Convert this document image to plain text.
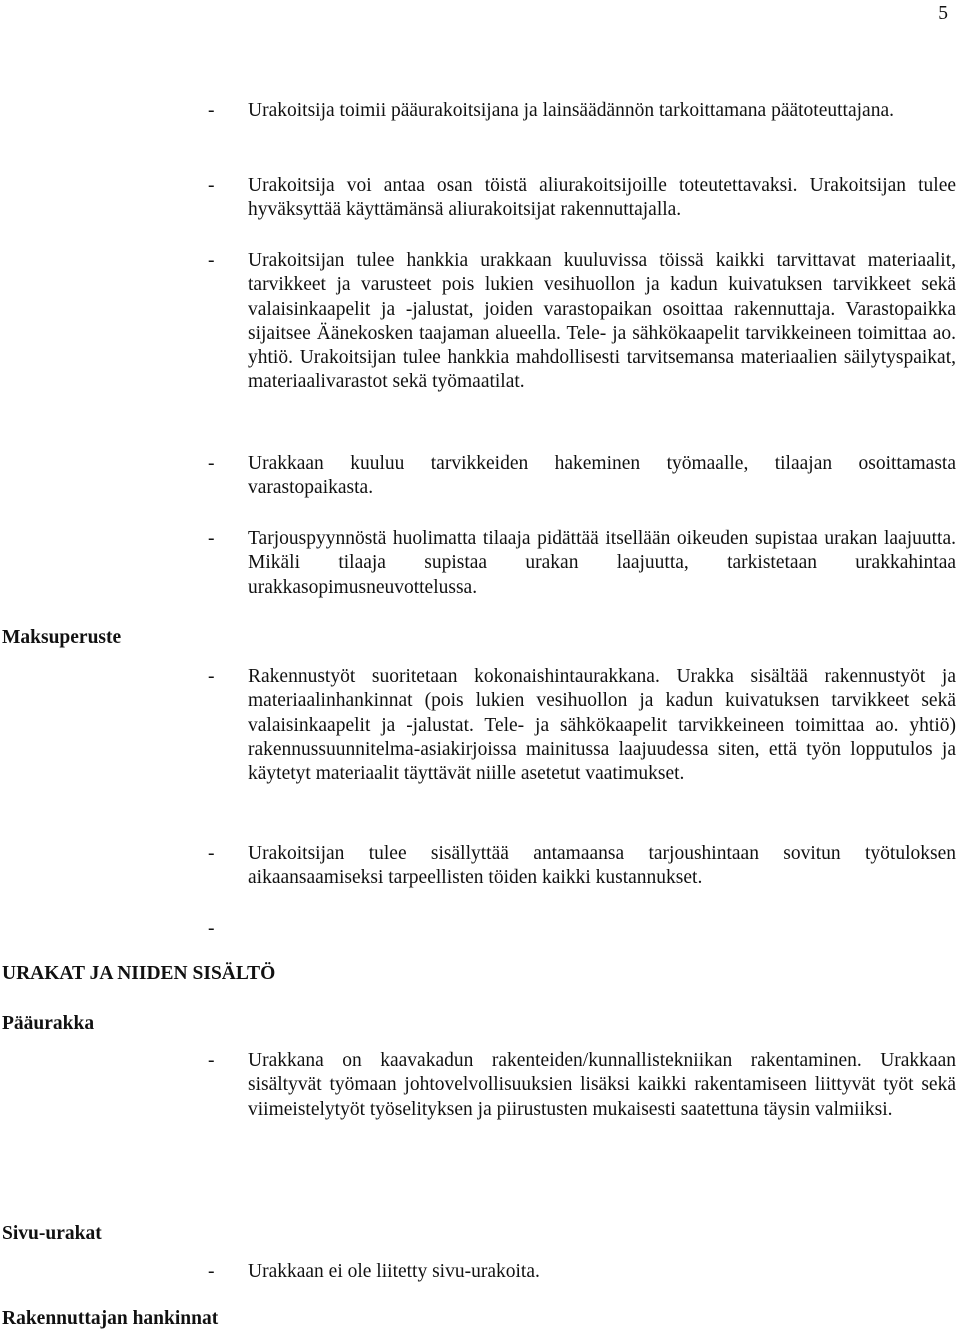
5
- Urakoitsija toimii pääurakoitsijana ja lainsäädännön tarkoittamana päätoteuttajana.
- Urakoitsija voi antaa osan töistä aliurakoitsijoille toteutettavaksi. Urakoitsijan tulee hyväksyttää käyttämänsä aliurakoitsijat rakennuttajalla.
- Urakoitsijan tulee hankkia urakkaan kuuluvissa töissä kaikki tarvittavat materiaalit, tarvikkeet ja varusteet pois lukien vesihuollon ja kadun kuivatuksen tarvikkeet sekä valaisinkaapelit ja -jalustat, joiden varastopaikan osoittaa rakennuttaja. Varastopaikka sijaitsee Äänekosken taajaman alueella. Tele- ja sähkökaapelit tarvikkeineen toimittaa ao. yhtiö. Urakoitsijan tulee hankkia mahdollisesti tarvitsemansa materiaalien säilytyspaikat, materiaalivarastot sekä työmaatilat.
- Urakkaan kuuluu tarvikkeiden hakeminen työmaalle, tilaajan osoittamasta varastopaikasta.
- Tarjouspyynnöstä huolimatta tilaaja pidättää itsellään oikeuden supistaa urakan laajuutta. Mikäli tilaaja supistaa urakan laajuutta, tarkistetaan urakkahintaa urakkasopimusneuvottelussa.
Maksuperuste
- Rakennustyöt suoritetaan kokonaishintaurakkana. Urakka sisältää rakennustyöt ja materiaalinhankinnat (pois lukien vesihuollon ja kadun kuivatuksen tarvikkeet sekä valaisinkaapelit ja -jalustat. Tele- ja sähkökaapelit tarvikkeineen toimittaa ao. yhtiö) rakennussuunnitelma-asiakirjoissa mainitussa laajuudessa siten, että työn lopputulos ja käytetyt materiaalit täyttävät niille asetetut vaatimukset.
- Urakoitsijan tulee sisällyttää antamaansa tarjoushintaan sovitun työtuloksen aikaansaamiseksi tarpeellisten töiden kaikki kustannukset.
-
URAKAT JA NIIDEN SISÄLTÖ
Pääurakka
- Urakkana on kaavakadun rakenteiden/kunnallistekniikan rakentaminen. Urakkaan sisältyvät työmaan johtovelvollisuuksien lisäksi kaikki rakentamiseen liittyvät työt sekä viimeistelytyöt työselityksen ja piirustusten mukaisesti saatettuna täysin valmiiksi.
Sivu-urakat
- Urakkaan ei ole liitetty sivu-urakoita.
Rakennuttajan hankinnat
